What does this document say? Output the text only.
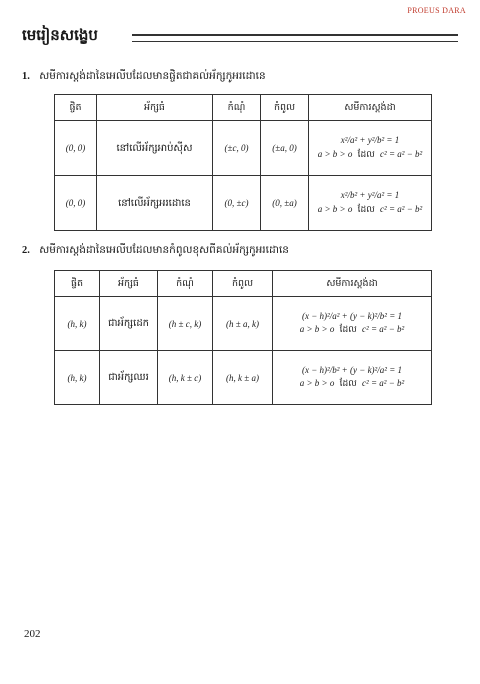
PROEUS DARA
មេរៀនសង្ខេប
1. សមីការស្តង់ដានៃអេលីបដែលមានផ្ចិតជាគល់អ័ក្សកូអរដោនេ
ផ្ចិត	អ័ក្សធំ	កំណុំ	កំពូល	សមីការស្តង់ដា
(0, 0)	នៅលើអ័ក្សអាប់ស៊ីស	(±c, 0)	(±a, 0)	x²/a² + y²/b² = 1
a > b > o ដែល c² = a² − b²

(0, 0)	នៅលើអ័ក្សអរដោនេ	(0, ±c)	(0, ±a)	x²/b² + y²/a² = 1
a > b > o ដែល c² = a² − b²
2. សមីការស្តង់ដានៃអេលីបដែលមានកំពូលខុសពីគល់អ័ក្សកូអរដោនេ
ផ្ចិត	អ័ក្សធំ	កំណុំ	កំពូល	សមីការស្តង់ដា
(h, k)	ជាអ័ក្សដេក	(h ± c, k)	(h ± a, k)	(x − h)²/a² + (y − k)²/b² = 1
a > b > o ដែល c² = a² − b²

(h, k)	ជាអ័ក្សឈរ	(h, k ± c)	(h, k ± a)	(x − h)²/b² + (y − k)²/a² = 1
a > b > o ដែល c² = a² − b²
202
